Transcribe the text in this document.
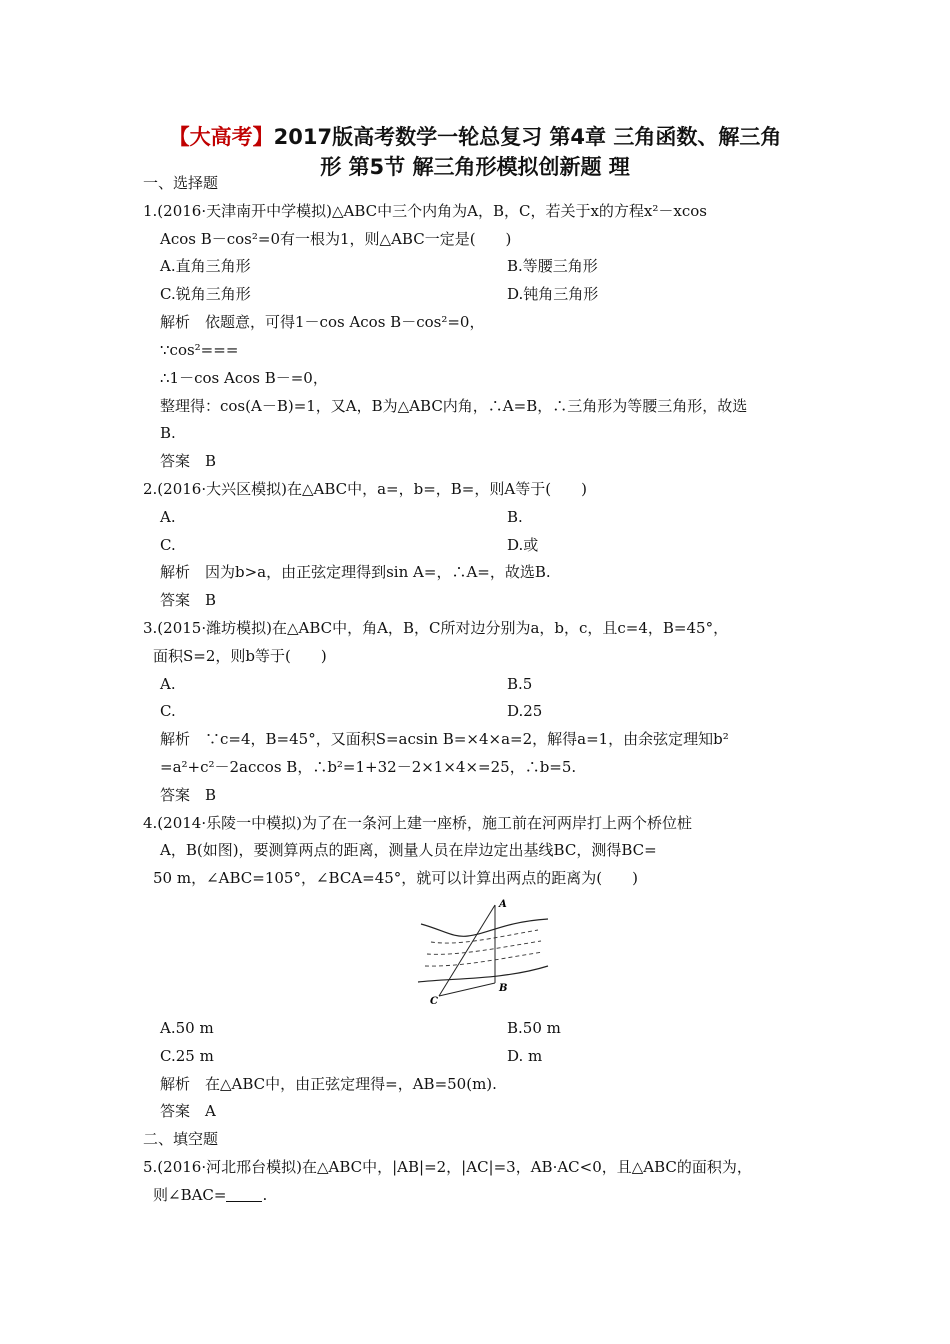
【大高考】2017版高考数学一轮总复习 第4章 三角函数、解三角
形 第5节 解三角形模拟创新题 理
一、选择题
1.(2016·天津南开中学模拟)△ABC中三个内角为A，B，C，若关于x的方程x²－xcos
Acos B－cos²=0有一根为1，则△ABC一定是(　　)
A.直角三角形	B.等腰三角形
C.锐角三角形	D.钝角三角形
解析　依题意，可得1－cos Acos B－cos²=0，
∵cos²===
∴1－cos Acos B－=0，
整理得：cos(A－B)=1，又A，B为△ABC内角，∴A=B，∴三角形为等腰三角形，故选
B.
答案　B
2.(2016·大兴区模拟)在△ABC中，a=，b=，B=，则A等于(　　)
A.	B.
C.	D.或
解析　因为b>a，由正弦定理得到sin A=，∴A=，故选B.
答案　B
3.(2015·潍坊模拟)在△ABC中，角A，B，C所对边分别为a，b，c，且c=4，B=45°，
面积S=2，则b等于(　　)
A.	B.5
C.	D.25
解析　∵c=4，B=45°，又面积S=acsin B=×4×a=2，解得a=1，由余弦定理知b²
=a²+c²－2accos B，∴b²=1+32－2×1×4×=25，∴b=5.
答案　B
4.(2014·乐陵一中模拟)为了在一条河上建一座桥，施工前在河两岸打上两个桥位桩
A，B(如图)，要测算两点的距离，测量人员在岸边定出基线BC，测得BC=
50 m，∠ABC=105°，∠BCA=45°，就可以计算出两点的距离为(　　)
A
B
C
A.50 m	B.50 m
C.25 m	D. m
解析　在△ABC中，由正弦定理得=，AB=50(m).
答案　A
二、填空题
5.(2016·河北邢台模拟)在△ABC中，|AB|=2，|AC|=3，AB·AC<0，且△ABC的面积为，
则∠BAC= .
